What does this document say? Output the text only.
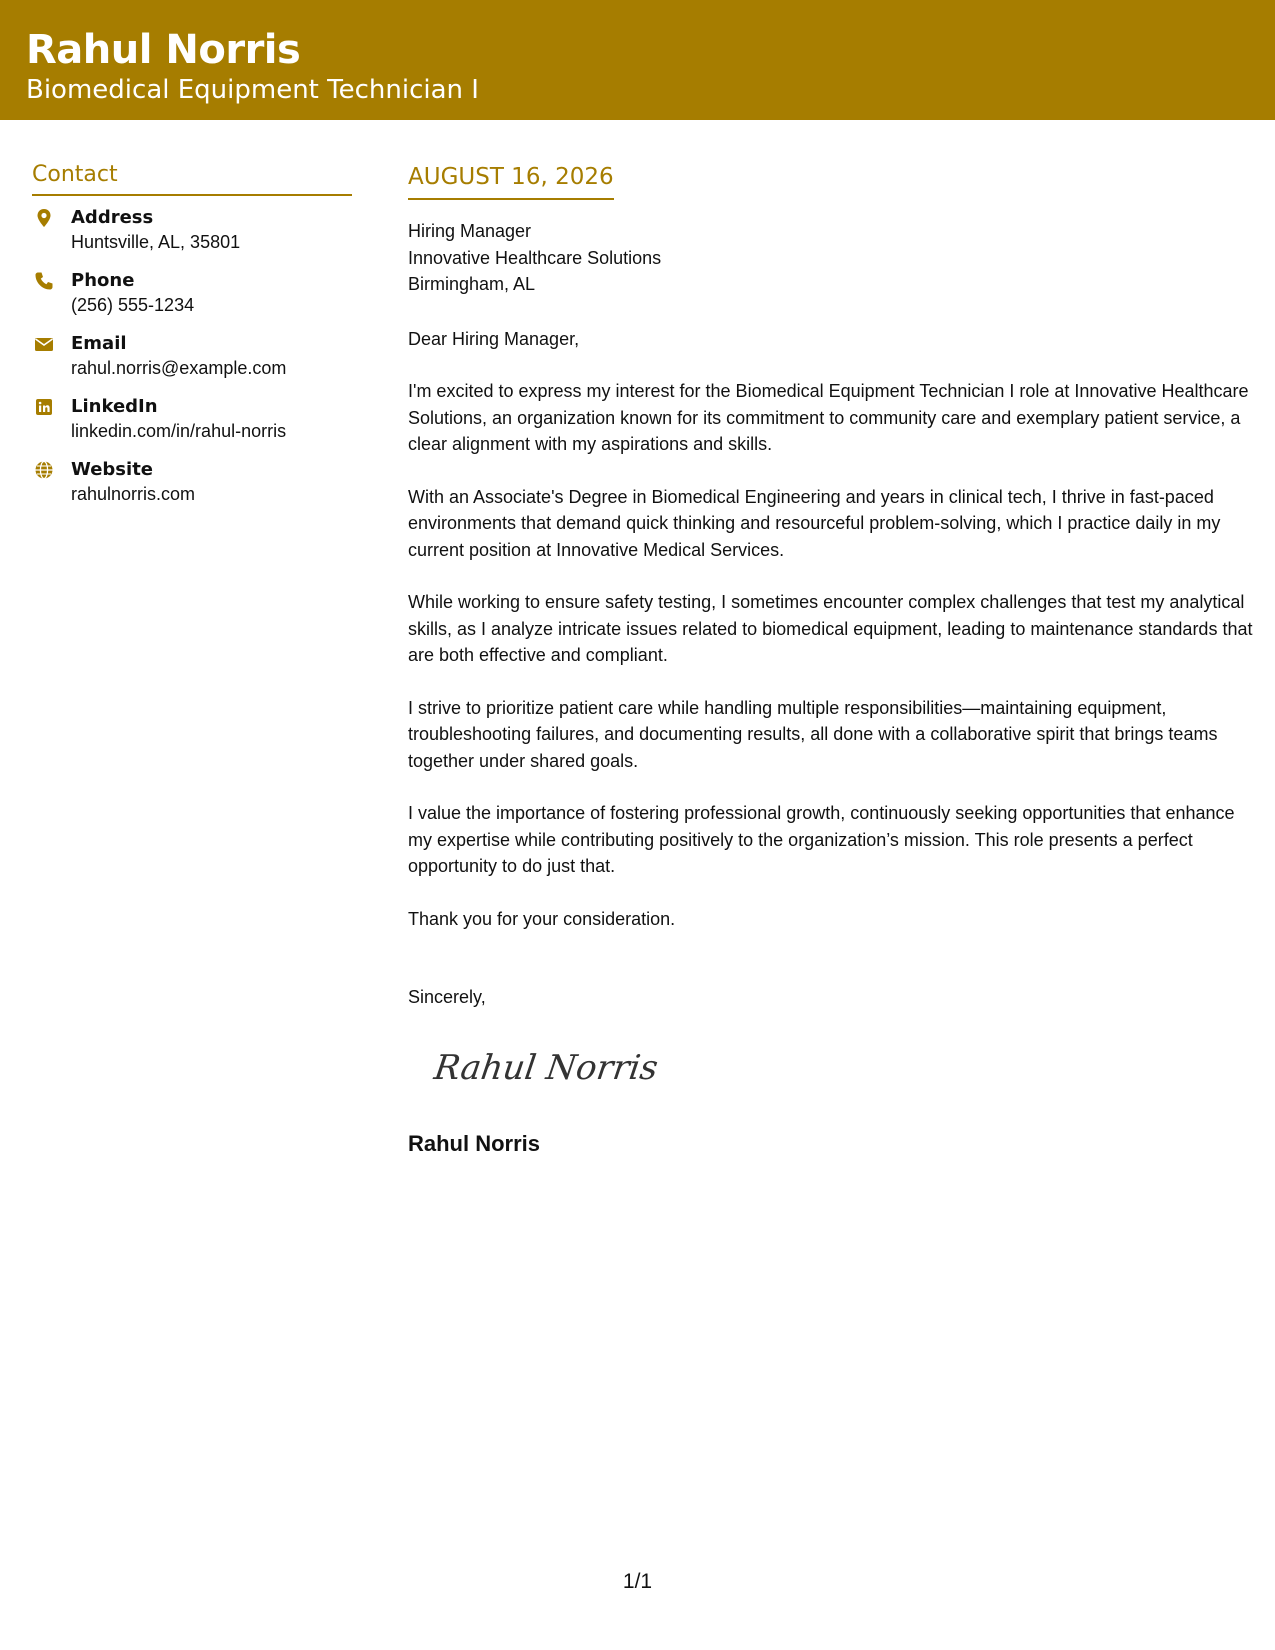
Rahul Norris
Biomedical Equipment Technician I
Contact
Address
Huntsville, AL, 35801
Phone
(256) 555-1234
Email
rahul.norris@example.com
LinkedIn
linkedin.com/in/rahul-norris
Website
rahulnorris.com
AUGUST 16, 2026
Hiring Manager
Innovative Healthcare Solutions
Birmingham, AL
Dear Hiring Manager,
I'm excited to express my interest for the Biomedical Equipment Technician I role at Innovative Healthcare Solutions, an organization known for its commitment to community care and exemplary patient service, a clear alignment with my aspirations and skills.
With an Associate's Degree in Biomedical Engineering and years in clinical tech, I thrive in fast-paced environments that demand quick thinking and resourceful problem-solving, which I practice daily in my current position at Innovative Medical Services.
While working to ensure safety testing, I sometimes encounter complex challenges that test my analytical skills, as I analyze intricate issues related to biomedical equipment, leading to maintenance standards that are both effective and compliant.
I strive to prioritize patient care while handling multiple responsibilities—maintaining equipment, troubleshooting failures, and documenting results, all done with a collaborative spirit that brings teams together under shared goals.
I value the importance of fostering professional growth, continuously seeking opportunities that enhance my expertise while contributing positively to the organization’s mission. This role presents a perfect opportunity to do just that.
Thank you for your consideration.
Sincerely,
Rahul Norris
Rahul Norris
1/1
